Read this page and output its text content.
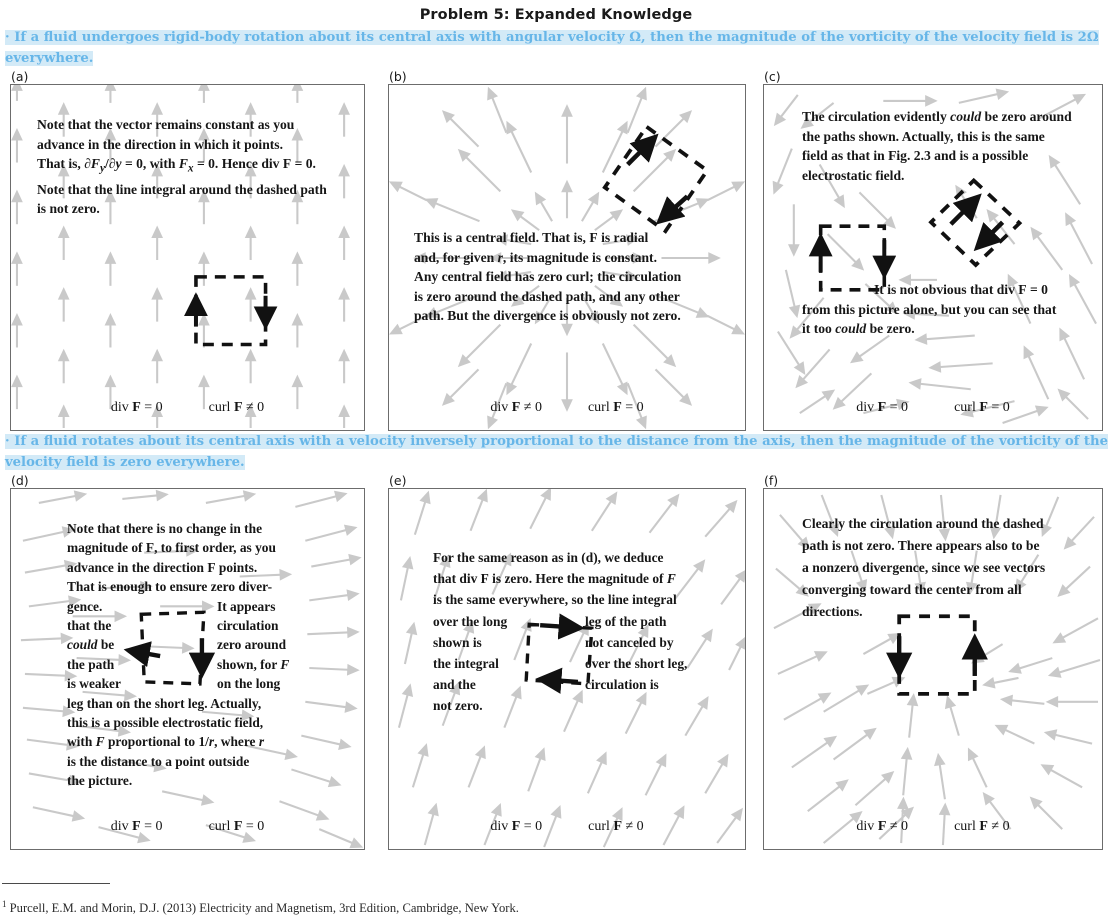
Problem 5: Expanded Knowledge

· If a fluid undergoes rigid-body rotation about its central axis with angular velocity Ω, then the magnitude of the vorticity of the velocity field is 2Ω everywhere.

(a)
Note that the vector remains constant as you
advance in the direction in which it points.
That is, $\partial F_y/\partial y = 0$, with $F_x = 0$. Hence div F = 0.
Note that the line integral around the dashed path
is not zero.
div F = 0	curl F ≠ 0
(b)
This is a central field. That is, F is radial
and, for given r, its magnitude is constant.
Any central field has zero curl; the circulation
is zero around the dashed path, and any other
path. But the divergence is obviously not zero.
div F ≠ 0	curl F = 0
(c)
The circulation evidently could be zero around
the paths shown. Actually, this is the same
field as that in Fig. 2.3 and is a possible
electrostatic field.
It is not obvious that div F = 0
from this picture alone, but you can see that
it too could be zero.
div F = 0	curl F = 0

· If a fluid rotates about its central axis with a velocity inversely proportional to the distance from the axis, then the magnitude of the vorticity of the velocity field is zero everywhere.

(d)
Note that there is no change in the
magnitude of F, to first order, as you
advance in the direction F points.
That is enough to ensure zero diver-
gence.	It appears
that the	circulation
could be	zero around
the path	shown, for F
is weaker	on the long
leg than on the short leg. Actually,
this is a possible electrostatic field,
with F proportional to 1/r, where r
is the distance to a point outside
the picture.
div F = 0	curl F = 0
(e)
For the same reason as in (d), we deduce
that div F is zero. Here the magnitude of F
is the same everywhere, so the line integral
over the long	leg of the path
shown is	not canceled by
the integral	over the short leg,
and the	circulation is
not zero.
div F = 0	curl F ≠ 0
(f)
Clearly the circulation around the dashed
path is not zero. There appears also to be
a nonzero divergence, since we see vectors
converging toward the center from all
directions.
div F ≠ 0	curl F ≠ 0
$^1$ Purcell, E.M. and Morin, D.J. (2013) Electricity and Magnetism, 3rd Edition, Cambridge, New York.
